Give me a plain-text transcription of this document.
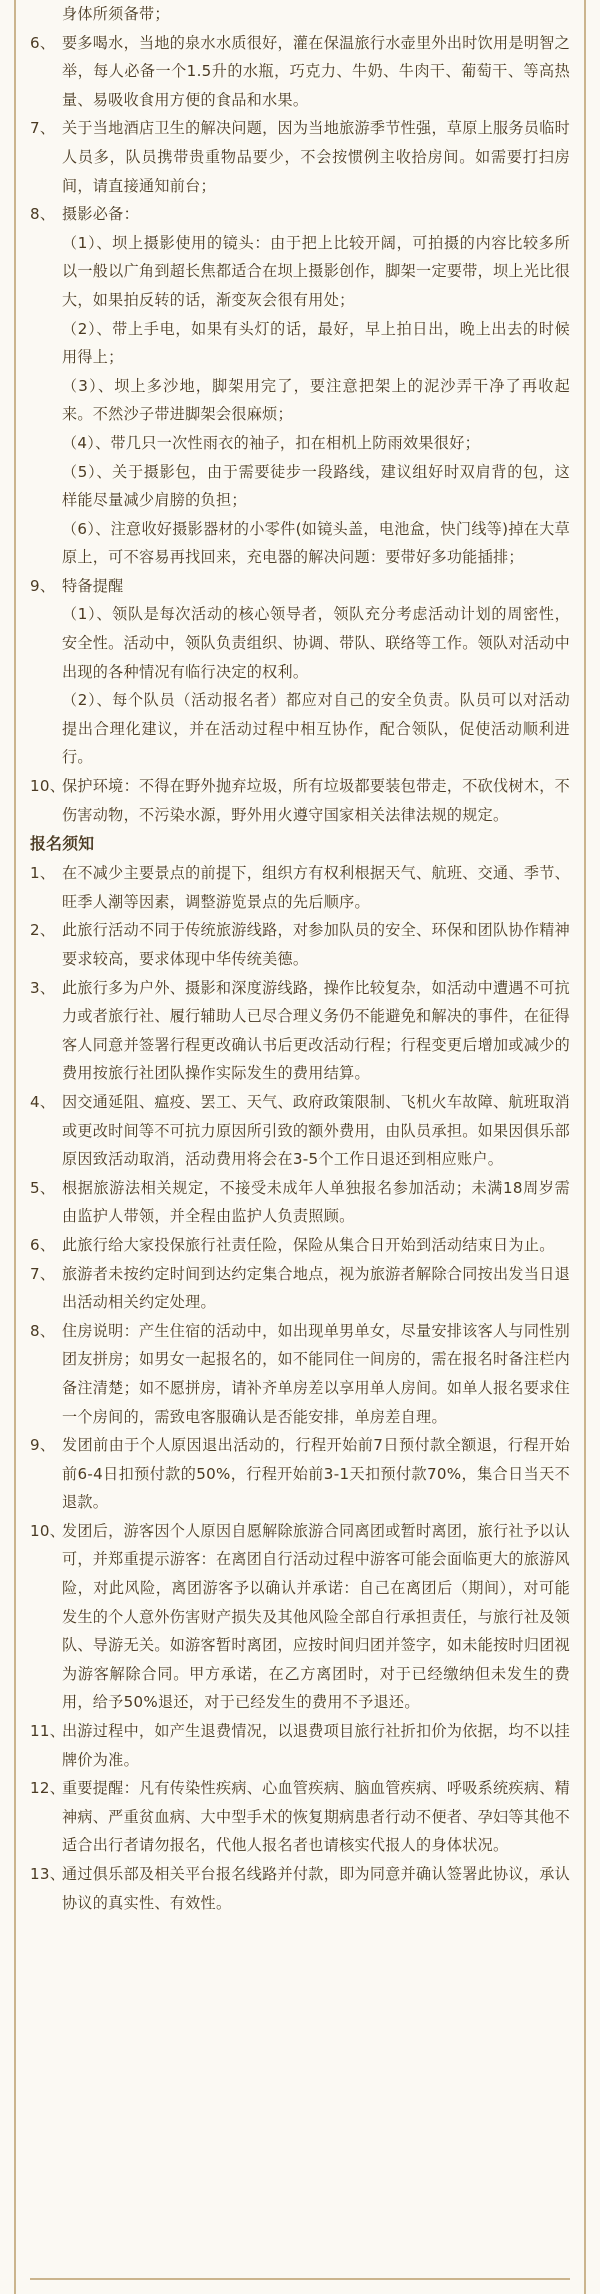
身体所须备带；
6、 要多喝水，当地的泉水水质很好，灌在保温旅行水壶里外出时饮用是明智之举，每人必备一个1.5升的水瓶，巧克力、牛奶、牛肉干、葡萄干、等高热量、易吸收食用方便的食品和水果。
7、 关于当地酒店卫生的解决问题，因为当地旅游季节性强，草原上服务员临时人员多，队员携带贵重物品要少，不会按惯例主收拾房间。如需要打扫房间，请直接通知前台；
8、 摄影必备：
（1）、坝上摄影使用的镜头：由于把上比较开阔，可拍摄的内容比较多所以一般以广角到超长焦都适合在坝上摄影创作，脚架一定要带，坝上光比很大，如果拍反转的话，渐变灰会很有用处；
（2）、带上手电，如果有头灯的话，最好，早上拍日出，晚上出去的时候用得上；
（3）、坝上多沙地，脚架用完了，要注意把架上的泥沙弄干净了再收起来。不然沙子带进脚架会很麻烦；
（4）、带几只一次性雨衣的袖子，扣在相机上防雨效果很好；
（5）、关于摄影包，由于需要徒步一段路线，建议组好时双肩背的包，这样能尽量减少肩膀的负担；
（6）、注意收好摄影器材的小零件(如镜头盖，电池盒，快门线等)掉在大草原上，可不容易再找回来，充电器的解决问题：要带好多功能插排；
9、 特备提醒
（1）、领队是每次活动的核心领导者，领队充分考虑活动计划的周密性，安全性。活动中，领队负责组织、协调、带队、联络等工作。领队对活动中出现的各种情况有临行决定的权利。
（2）、每个队员（活动报名者）都应对自己的安全负责。队员可以对活动提出合理化建议，并在活动过程中相互协作，配合领队，促使活动顺利进行。
10、
保护环境：不得在野外抛弃垃圾，所有垃圾都要装包带走，不砍伐树木，不伤害动物，不污染水源，野外用火遵守国家相关法律法规的规定。
报名须知
1、 在不减少主要景点的前提下，组织方有权利根据天气、航班、交通、季节、旺季人潮等因素，调整游览景点的先后顺序。
2、 此旅行活动不同于传统旅游线路，对参加队员的安全、环保和团队协作精神要求较高，要求体现中华传统美德。
3、 此旅行多为户外、摄影和深度游线路，操作比较复杂，如活动中遭遇不可抗力或者旅行社、履行辅助人已尽合理义务仍不能避免和解决的事件，在征得客人同意并签署行程更改确认书后更改活动行程；行程变更后增加或减少的费用按旅行社团队操作实际发生的费用结算。
4、 因交通延阻、瘟疫、罢工、天气、政府政策限制、飞机火车故障、航班取消或更改时间等不可抗力原因所引致的额外费用，由队员承担。如果因俱乐部原因致活动取消，活动费用将会在3-5个工作日退还到相应账户。
5、 根据旅游法相关规定，不接受未成年人单独报名参加活动；未满18周岁需由监护人带领，并全程由监护人负责照顾。
6、 此旅行给大家投保旅行社责任险，保险从集合日开始到活动结束日为止。
7、 旅游者未按约定时间到达约定集合地点，视为旅游者解除合同按出发当日退出活动相关约定处理。
8、 住房说明：产生住宿的活动中，如出现单男单女，尽量安排该客人与同性别团友拼房；如男女一起报名的，如不能同住一间房的，需在报名时备注栏内备注清楚；如不愿拼房，请补齐单房差以享用单人房间。如单人报名要求住一个房间的，需致电客服确认是否能安排，单房差自理。
9、 发团前由于个人原因退出活动的，行程开始前7日预付款全额退，行程开始前6-4日扣预付款的50%，行程开始前3-1天扣预付款70%，集合日当天不退款。
10、
发团后，游客因个人原因自愿解除旅游合同离团或暂时离团，旅行社予以认可，并郑重提示游客：在离团自行活动过程中游客可能会面临更大的旅游风险，对此风险，离团游客予以确认并承诺：自己在离团后（期间），对可能发生的个人意外伤害财产损失及其他风险全部自行承担责任，与旅行社及领队、导游无关。如游客暂时离团，应按时间归团并签字，如未能按时归团视为游客解除合同。甲方承诺，在乙方离团时，对于已经缴纳但未发生的费用，给予50%退还，对于已经发生的费用不予退还。
11、
出游过程中，如产生退费情况，以退费项目旅行社折扣价为依据，均不以挂牌价为准。
12、
重要提醒：凡有传染性疾病、心血管疾病、脑血管疾病、呼吸系统疾病、精神病、严重贫血病、大中型手术的恢复期病患者行动不便者、孕妇等其他不适合出行者请勿报名，代他人报名者也请核实代报人的身体状况。
13、
通过俱乐部及相关平台报名线路并付款，即为同意并确认签署此协议，承认协议的真实性、有效性。
